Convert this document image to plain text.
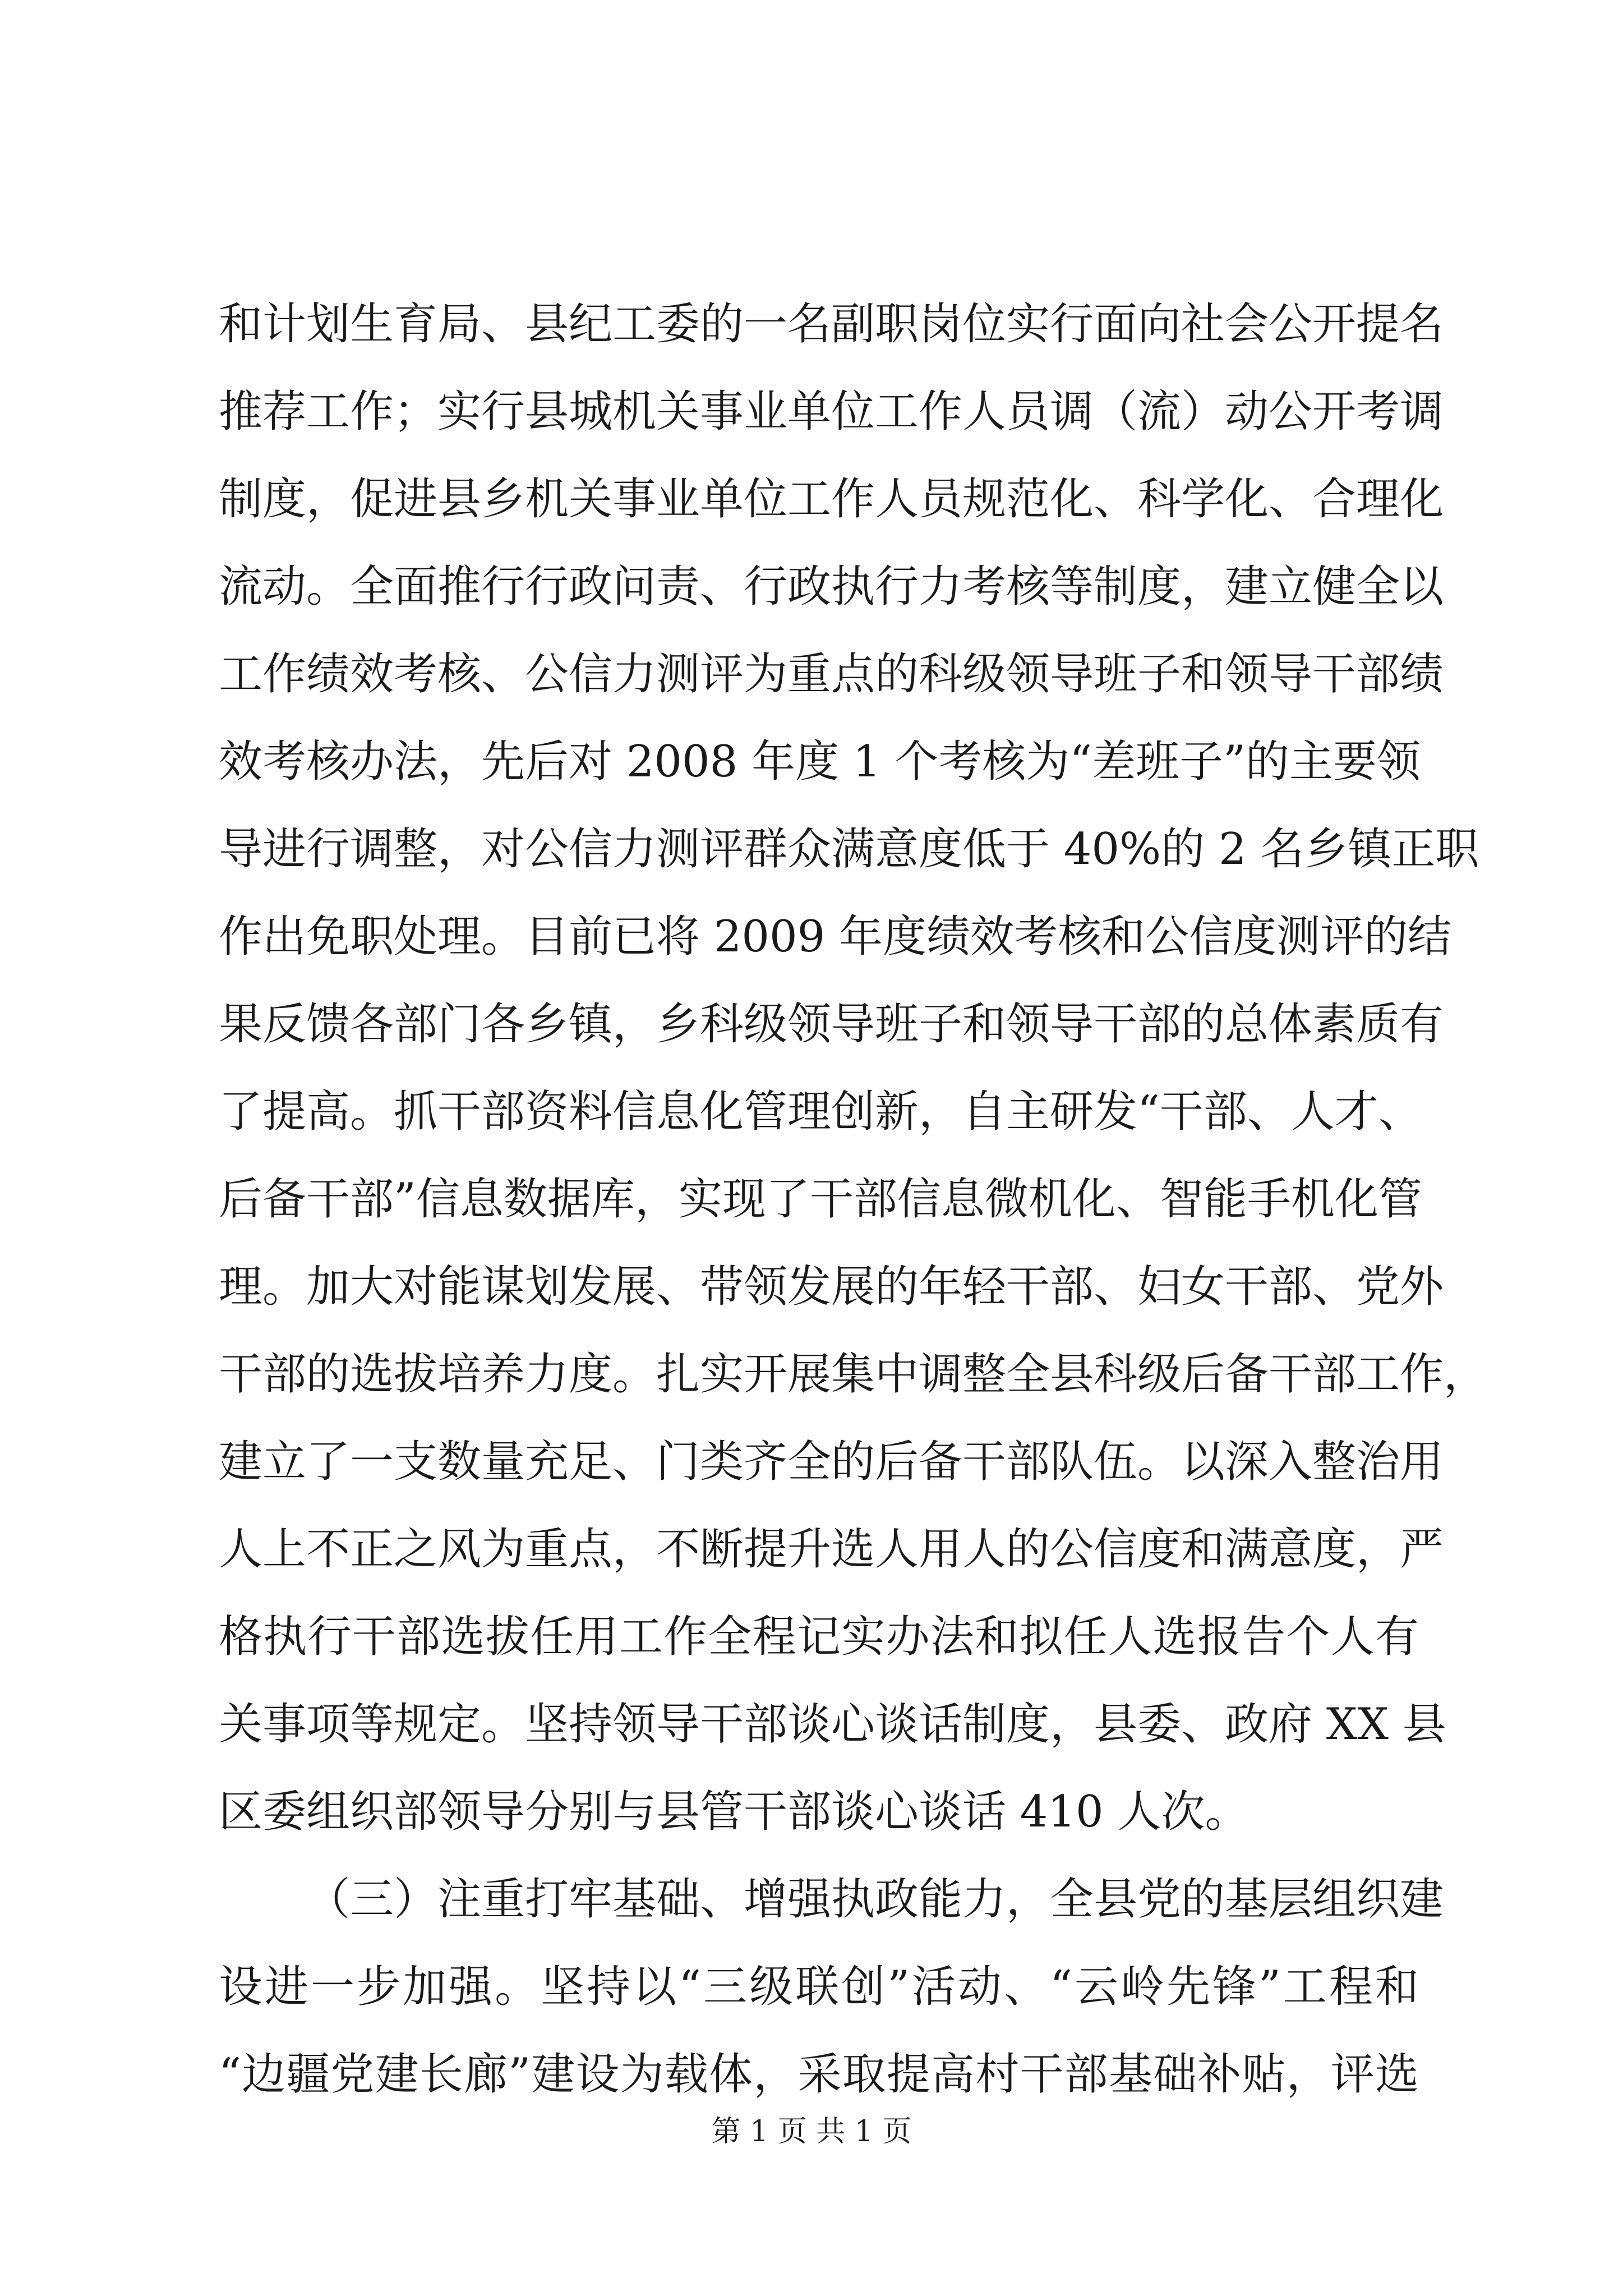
和计划生育局、县纪工委的一名副职岗位实行面向社会公开提名
推荐工作；实行县城机关事业单位工作人员调（流）动公开考调
制度，促进县乡机关事业单位工作人员规范化、科学化、合理化
流动。全面推行行政问责、行政执行力考核等制度，建立健全以
工作绩效考核、公信力测评为重点的科级领导班子和领导干部绩
效考核办法，先后对 2008 年度 1 个考核为“差班子”的主要领
导进行调整，对公信力测评群众满意度低于 40%的 2 名乡镇正职
作出免职处理。目前已将 2009 年度绩效考核和公信度测评的结
果反馈各部门各乡镇，乡科级领导班子和领导干部的总体素质有
了提高。抓干部资料信息化管理创新，自主研发“干部、人才、
后备干部”信息数据库，实现了干部信息微机化、智能手机化管
理。加大对能谋划发展、带领发展的年轻干部、妇女干部、党外
干部的选拔培养力度。扎实开展集中调整全县科级后备干部工作，
建立了一支数量充足、门类齐全的后备干部队伍。以深入整治用
人上不正之风为重点，不断提升选人用人的公信度和满意度，严
格执行干部选拔任用工作全程记实办法和拟任人选报告个人有
关事项等规定。坚持领导干部谈心谈话制度，县委、政府 XX 县
区委组织部领导分别与县管干部谈心谈话 410 人次。
（三）注重打牢基础、增强执政能力，全县党的基层组织建
设进一步加强。坚持以“三级联创”活动、“云岭先锋”工程和
“边疆党建长廊”建设为载体，采取提高村干部基础补贴，评选
第 1 页 共 1 页
